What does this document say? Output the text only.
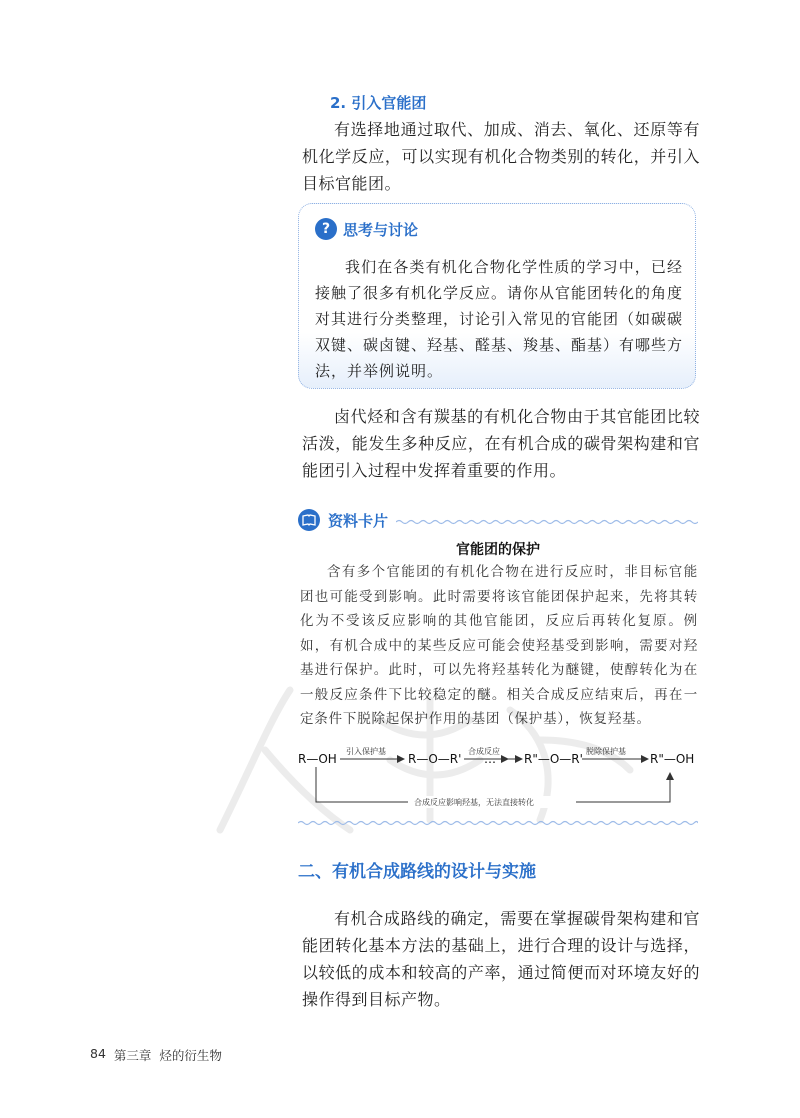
2. 引入官能团

有选择地通过取代、加成、消去、氧化、还原等有机化学反应，可以实现有机化合物类别的转化，并引入目标官能团。

? 思考与讨论

我们在各类有机化合物化学性质的学习中，已经接触了很多有机化学反应。请你从官能团转化的角度对其进行分类整理，讨论引入常见的官能团（如碳碳双键、碳卤键、羟基、醛基、羧基、酯基）有哪些方法，并举例说明。

卤代烃和含有羰基的有机化合物由于其官能团比较活泼，能发生多种反应，在有机合成的碳骨架构建和官能团引入过程中发挥着重要的作用。

资料卡片
官能团的保护

含有多个官能团的有机化合物在进行反应时，非目标官能团也可能受到影响。此时需要将该官能团保护起来，先将其转化为不受该反应影响的其他官能团，反应后再转化复原。例如，有机合成中的某些反应可能会使羟基受到影响，需要对羟基进行保护。此时，可以先将羟基转化为醚键，使醇转化为在一般反应条件下比较稳定的醚。相关合成反应结束后，再在一定条件下脱除起保护作用的基团（保护基），恢复羟基。

R—OH
引入保护基
R—O—R'
合成反应
… R"—O—R'
脱除保护基
R"—OH
合成反应影响羟基，无法直接转化
二、有机合成路线的设计与实施

有机合成路线的确定，需要在掌握碳骨架构建和官能团转化基本方法的基础上，进行合理的设计与选择，以较低的成本和较高的产率，通过简便而对环境友好的操作得到目标产物。

84 第三章 烃的衍生物
